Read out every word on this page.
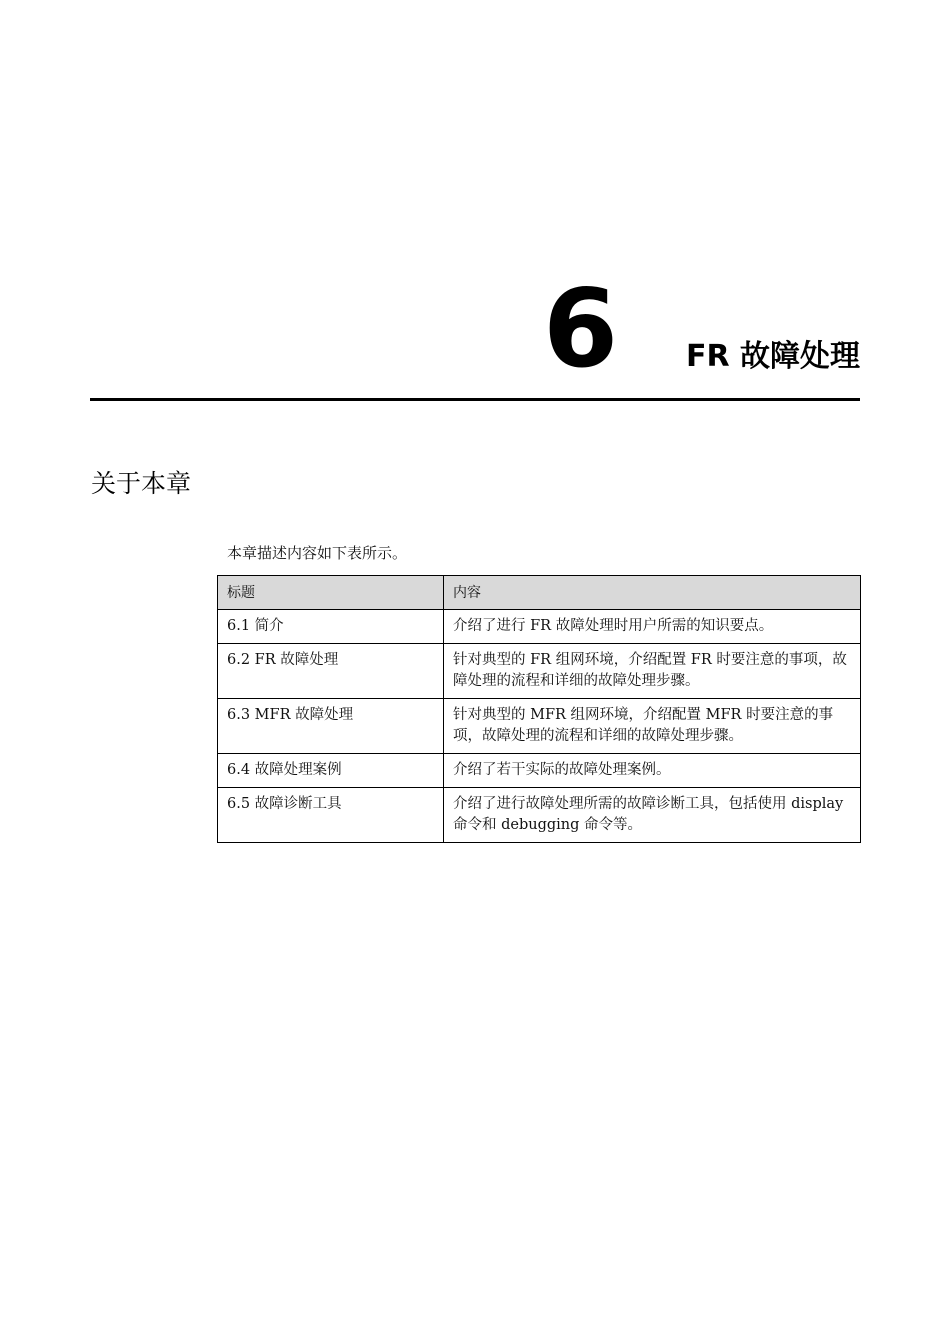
6 FR 故障处理
关于本章
本章描述内容如下表所示。
标题	内容
6.1 简介	介绍了进行 FR 故障处理时用户所需的知识要点。
6.2 FR 故障处理	针对典型的 FR 组网环境，介绍配置 FR 时要注意的事项，故障处理的流程和详细的故障处理步骤。
6.3 MFR 故障处理	针对典型的 MFR 组网环境，介绍配置 MFR 时要注意的事项，故障处理的流程和详细的故障处理步骤。
6.4 故障处理案例	介绍了若干实际的故障处理案例。
6.5 故障诊断工具	介绍了进行故障处理所需的故障诊断工具，包括使用 display 命令和 debugging 命令等。
